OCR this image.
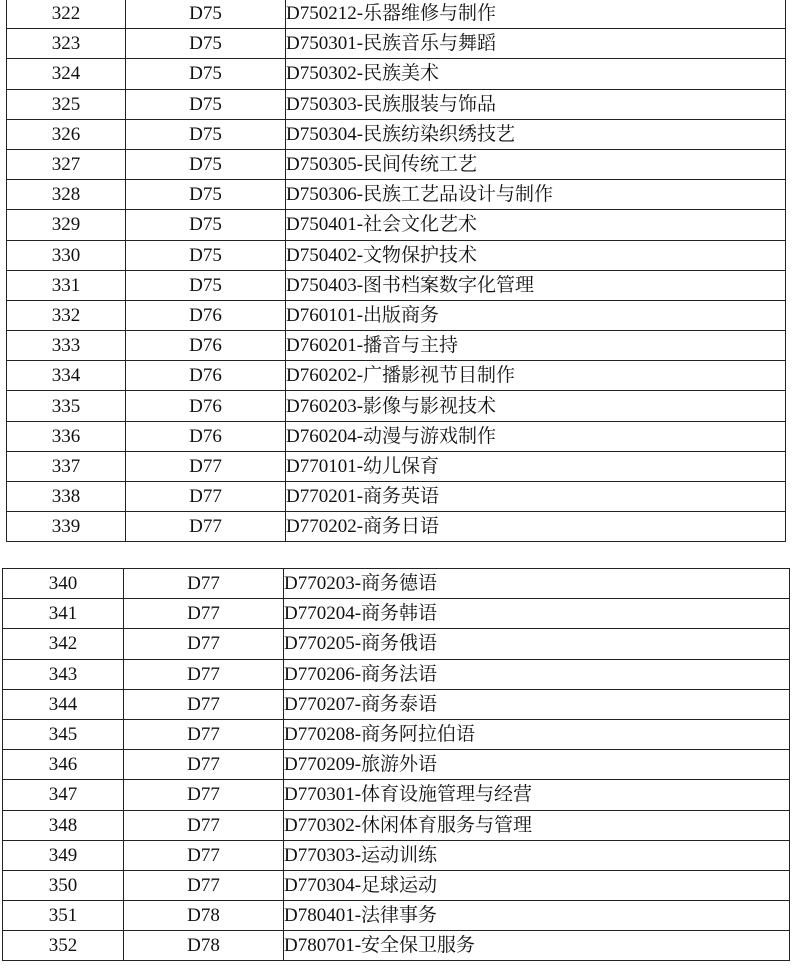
322	D75	D750212-乐器维修与制作
323	D75	D750301-民族音乐与舞蹈
324	D75	D750302-民族美术
325	D75	D750303-民族服装与饰品
326	D75	D750304-民族纺染织绣技艺
327	D75	D750305-民间传统工艺
328	D75	D750306-民族工艺品设计与制作
329	D75	D750401-社会文化艺术
330	D75	D750402-文物保护技术
331	D75	D750403-图书档案数字化管理
332	D76	D760101-出版商务
333	D76	D760201-播音与主持
334	D76	D760202-广播影视节目制作
335	D76	D760203-影像与影视技术
336	D76	D760204-动漫与游戏制作
337	D77	D770101-幼儿保育
338	D77	D770201-商务英语
339	D77	D770202-商务日语
340	D77	D770203-商务德语
341	D77	D770204-商务韩语
342	D77	D770205-商务俄语
343	D77	D770206-商务法语
344	D77	D770207-商务泰语
345	D77	D770208-商务阿拉伯语
346	D77	D770209-旅游外语
347	D77	D770301-体育设施管理与经营
348	D77	D770302-休闲体育服务与管理
349	D77	D770303-运动训练
350	D77	D770304-足球运动
351	D78	D780401-法律事务
352	D78	D780701-安全保卫服务
